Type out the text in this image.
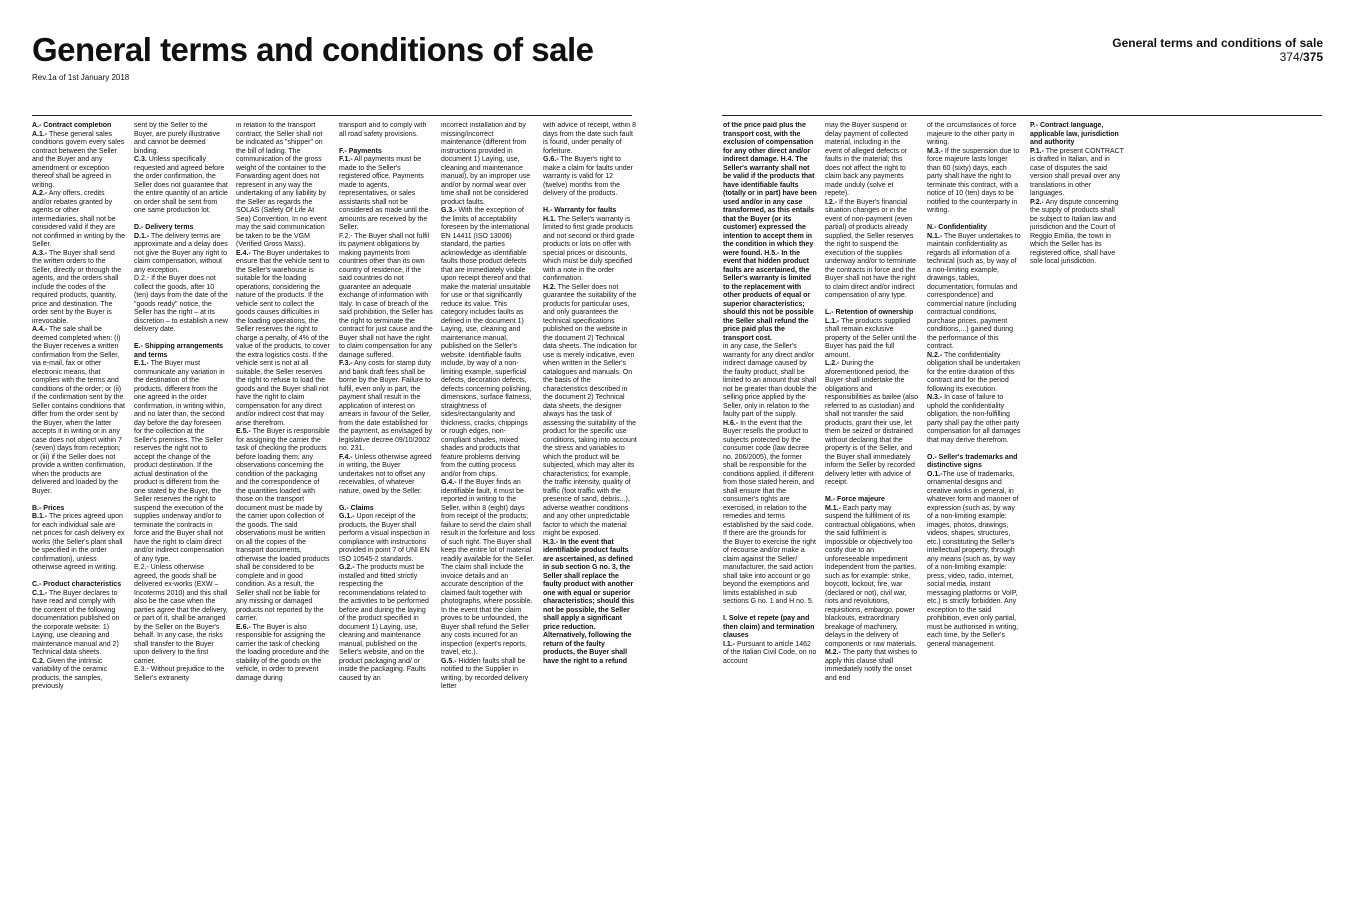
General terms and conditions of sale
Rev.1a of 1st January 2018
General terms and conditions of sale
374/375

A.- Contract completion

A.1.- These general sales conditions govern every sales contract between the Seller and the Buyer and any amendment or exception thereof shall be agreed in writing.

A.2.- Any offers, credits and/or rebates granted by agents or other intermediaries, shall not be considered valid if they are not confirmed in writing by the Seller.

A.3.- The Buyer shall send the written orders to the Seller, directly or through the agents, and the orders shall include the codes of the required products, quantity, price and destination. The order sent by the Buyer is irrevocable.

A.4.- The sale shall be deemed completed when: (i) the Buyer receives a written confirmation from the Seller, via e-mail, fax or other electronic means, that complies with the terms and conditions of the order; or (ii) if the confirmation sent by the Seller contains conditions that differ from the order sent by the Buyer, when the latter accepts it in writing or in any case does not object within 7 (seven) days from reception; or (iii) if the Seller does not provide a written confirmation, when the products are delivered and loaded by the Buyer.

B.- Prices

B.1.- The prices agreed upon for each individual sale are net prices for cash delivery ex works (the Seller's plant shall be specified in the order confirmation), unless otherwise agreed in writing.

C.- Product characteristics

C.1.- The Buyer declares to have read and comply with the content of the following documentation published on the corporate website: 1) Laying, use cleaning and maintenance manual and 2) Technical data sheets.

C.2. Given the intrinsic variability of the ceramic products, the samples, previously

sent by the Seller to the Buyer, are purely illustrative and cannot be deemed binding.

C.3. Unless specifically requested and agreed before the order confirmation, the Seller does not guarantee that the entire quantity of an article on order shall be sent from one same production lot.

D.- Delivery terms

D.1.- The delivery terms are approximate and a delay does not give the Buyer any right to claim compensation, without any exception.

D.2.- If the Buyer does not collect the goods, after 10 (ten) days from the date of the "goods ready" notice, the Seller has the right – at its discretion – to establish a new delivery date.

E.- Shipping arrangements and terms

E.1.- The Buyer must communicate any variation in the destination of the products, different from the one agreed in the order confirmation, in writing within, and no later than, the second day before the day foreseen for the collection at the Seller's premises. The Seller reserves the right not to accept the change of the product destination. If the actual destination of the product is different from the one stated by the Buyer, the Seller reserves the right to suspend the execution of the supplies underway and/or to terminate the contracts in force and the Buyer shall not have the right to claim direct and/or indirect compensation of any type.

E.2.- Unless otherwise agreed, the goods shall be delivered ex-works (EXW – Incoterms 2010) and this shall also be the case when the parties agree that the delivery, or part of it, shall be arranged by the Seller on the Buyer's behalf. In any case, the risks shall transfer to the Buyer upon delivery to the first carrier.

E.3.- Without prejudice to the Seller's extraneity

in relation to the transport contract, the Seller shall not be indicated as "shipper" on the bill of lading. The communication of the gross weight of the container to the Forwarding agent does not represent in any way the undertaking of any liability by the Seller as regards the SOLAS (Safety Of Life At Sea) Convention. In no event may the said communication be taken to be the VGM (Verified Gross Mass).

E.4.- The Buyer undertakes to ensure that the vehicle sent to the Seller's warehouse is suitable for the loading operations, considering the nature of the products. If the vehicle sent to collect the goods causes difficulties in the loading operations, the Seller reserves the right to charge a penalty, of 4% of the value of the products, to cover the extra logistics costs. If the vehicle sent is not at all suitable, the Seller reserves the right to refuse to load the goods and the Buyer shall not have the right to claim compensation for any direct and/or indirect cost that may arise therefrom.

E.5.- The Buyer is responsible for assigning the carrier the task of checking the products before loading them; any observations concerning the condition of the packaging and the correspondence of the quantities loaded with those on the transport document must be made by the carrier upon collection of the goods. The said observations must be written on all the copies of the transport documents, otherwise the loaded products shall be considered to be complete and in good condition. As a result, the Seller shall not be liable for any missing or damaged products not reported by the carrier.

E.6.- The Buyer is also responsible for assigning the carrier the task of checking the loading procedure and the stability of the goods on the vehicle, in order to prevent damage during

transport and to comply with all road safety provisions.

F.- Payments

F.1.- All payments must be made to the Seller's registered office. Payments made to agents, representatives, or sales assistants shall not be considered as made until the amounts are received by the Seller.

F.2.- The Buyer shall not fulfil its payment obligations by making payments from countries other than its own country of residence, if the said countries do not guarantee an adequate exchange of information with Italy. In case of breach of the said prohibition, the Seller has the right to terminate the contract for just cause and the Buyer shall not have the right to claim compensation for any damage suffered.

F.3.- Any costs for stamp duty and bank draft fees shall be borne by the Buyer. Failure to fulfil, even only in part, the payment shall result in the application of interest on arrears in favour of the Seller, from the date established for the payment, as envisaged by legislative decree 09/10/2002 no. 231.

F.4.- Unless otherwise agreed in writing, the Buyer undertakes not to offset any receivables, of whatever nature, owed by the Seller.

G.- Claims

G.1.- Upon receipt of the products, the Buyer shall perform a visual inspection in compliance with instructions provided in point 7 of UNI EN ISO 10545-2 standards.

G.2.- The products must be installed and fitted strictly respecting the recommendations related to the activities to be performed before and during the laying of the product specified in document 1) Laying, use, cleaning and maintenance manual, published on the Seller's website, and on the product packaging and/ or inside the packaging. Faults caused by an

incorrect installation and by missing/incorrect maintenance (different from instructions provided in document 1) Laying, use, cleaning and maintenance manual), by an improper use and/or by normal wear over time shall not be considered product faults.

G.3.- With the exception of the limits of acceptability foreseen by the international EN 14411 (ISO 13006) standard, the parties acknowledge as identifiable faults those product defects that are immediately visible upon receipt thereof and that make the material unsuitable for use or that significantly reduce its value. This category includes faults as defined in the document 1) Laying, use, cleaning and maintenance manual, published on the Seller's website. Identifiable faults include, by way of a non-limiting example, superficial defects, decoration defects, defects concerning polishing, dimensions, surface flatness, straightness of sides/rectangularity and thickness, cracks, chippings or rough edges, non-compliant shades, mixed shades and products that feature problems deriving from the cutting process and/or from chips.

G.4.- If the Buyer finds an identifiable fault, it must be reported in writing to the Seller, within 8 (eight) days from receipt of the products; failure to send the claim shall result in the forfeiture and loss of such right. The Buyer shall keep the entire lot of material readily available for the Seller. The claim shall include the invoice details and an accurate description of the claimed fault together with photographs, where possible. In the event that the claim proves to be unfounded, the Buyer shall refund the Seller any costs incurred for an inspection (expert's reports, travel, etc.).

G.5.- Hidden faults shall be notified to the Supplier in writing, by recorded delivery letter

with advice of receipt, within 8 days from the date such fault is found, under penalty of forfeiture.

G.6.- The Buyer's right to make a claim for faults under warranty is valid for 12 (twelve) months from the delivery of the products.

H.- Warranty for faults

H.1. The Seller's warranty is limited to first grade products and not second or third grade products or lots on offer with special prices or discounts, which must be duly specified with a note in the order confirmation.

H.2. The Seller does not guarantee the suitability of the products for particular uses, and only guarantees the technical specifications published on the website in the document 2) Technical data sheets. The indication for use is merely indicative, even when written in the Seller's catalogues and manuals. On the basis of the characteristics described in the document 2) Technical data sheets, the designer always has the task of assessing the suitability of the product for the specific use conditions, taking into account the stress and variables to which the product will be subjected, which may alter its characteristics; for example, the traffic intensity, quality of traffic (foot traffic with the presence of sand, debris...), adverse weather conditions and any other unpredictable factor to which the material might be exposed.

H.3.- In the event that identifiable product faults are ascertained, as defined in sub section G no. 3, the Seller shall replace the faulty product with another one with equal or superior characteristics; should this not be possible, the Seller shall apply a significant price reduction. Alternatively, following the return of the faulty products, the Buyer shall have the right to a refund

of the price paid plus the transport cost, with the exclusion of compensation for any other direct and/or indirect damage. H.4. The Seller's warranty shall not be valid if the products that have identifiable faults (totally or in part) have been used and/or in any case transformed, as this entails that the Buyer (or its customer) expressed the intention to accept them in the condition in which they were found. H.5.- In the event that hidden product faults are ascertained, the Seller's warranty is limited to the replacement with other products of equal or superior characteristics; should this not be possible the Seller shall refund the price paid plus the transport cost.

in any case, the Seller's warranty for any direct and/or indirect damage caused by the faulty product, shall be limited to an amount that shall not be greater than double the selling price applied by the Seller, only in relation to the faulty part of the supply.

H.6.- In the event that the Buyer resells the product to subjects protected by the consumer code (law decree no. 206/2005), the former shall be responsible for the conditions applied, if different from those stated herein, and shall ensure that the consumer's rights are exercised, in relation to the remedies and terms established by the said code. If there are the grounds for the Buyer to exercise the right of recourse and/or make a claim against the Seller/ manufacturer, the said action shall take into account or go beyond the exemptions and limits established in sub sections G no. 1 and H no. 5.

I. Solve et repete (pay and then claim) and termination clauses

I.1.- Pursuant to article 1462 of the Italian Civil Code, on no account

may the Buyer suspend or delay payment of collected material, including in the event of alleged defects or faults in the material; this does not affect the right to claim back any payments made unduly (solve et repete).

I.2.- If the Buyer's financial situation changes or in the event of non-payment (even partial) of products already supplied, the Seller reserves the right to suspend the execution of the supplies underway and/or to terminate the contracts in force and the Buyer shall not have the right to claim direct and/or indirect compensation of any type.

L.- Retention of ownership

L.1.- The products supplied shall remain exclusive property of the Seller until the Buyer has paid the full amount.

L.2.- During the aforementioned period, the Buyer shall undertake the obligations and responsibilities as bailee (also referred to as custodian) and shall not transfer the said products, grant their use, let them be seized or distrained without declaring that the property is of the Seller, and the Buyer shall immediately inform the Seller by recorded delivery letter with advice of receipt.

M.- Force majeure

M.1.- Each party may suspend the fulfilment of its contractual obligations, when the said fulfilment is impossible or objectively too costly due to an unforeseeable impediment independent from the parties, such as for example: strike, boycott, lockout, fire, war (declared or not), civil war, riots and revolutions, requisitions, embargo, power blackouts, extraordinary breakage of machinery, delays in the delivery of components or raw materials.

M.2.- The party that wishes to apply this clause shall immediately notify the onset and end

of the circumstances of force majeure to the other party in writing.

M.3.- If the suspension due to force majeure lasts longer than 60 (sixty) days, each party shall have the right to terminate this contract, with a notice of 10 (ten) days to be notified to the counterparty in writing.

N.- Confidentiality

N.1.- The Buyer undertakes to maintain confidentiality as regards all information of a technical (such as, by way of a non-limiting example, drawings, tables, documentation, formulas and correspondence) and commercial nature (including contractual conditions, purchase prices, payment conditions,...) gained during the performance of this contract.

N.2.- The confidentiality obligation shall be undertaken for the entire duration of this contract and for the period following its execution.

N.3.- In case of failure to uphold the confidentiality obligation, the non-fulfilling party shall pay the other party compensation for all damages that may derive therefrom.

O.- Seller's trademarks and distinctive signs

O.1.-The use of trademarks, ornamental designs and creative works in general, in whatever form and manner of expression (such as, by way of a non-limiting example: images, photos, drawings, videos, shapes, structures, etc.) constituting the Seller's intellectual property, through any means (such as, by way of a non-limiting example: press, video, radio, internet, social media, instant messaging platforms or VoIP, etc.) is strictly forbidden. Any exception to the said prohibition, even only partial, must be authorised in writing, each time, by the Seller's general management.

P.- Contract language, applicable law, jurisdiction and authority

P.1.- The present CONTRACT is drafted in Italian, and in case of disputes the said version shall prevail over any translations in other languages.

P.2.- Any dispute concerning the supply of products shall be subject to Italian law and jurisdiction and the Court of Reggio Emilia, the town in which the Seller has its registered office, shall have sole local jurisdiction.
